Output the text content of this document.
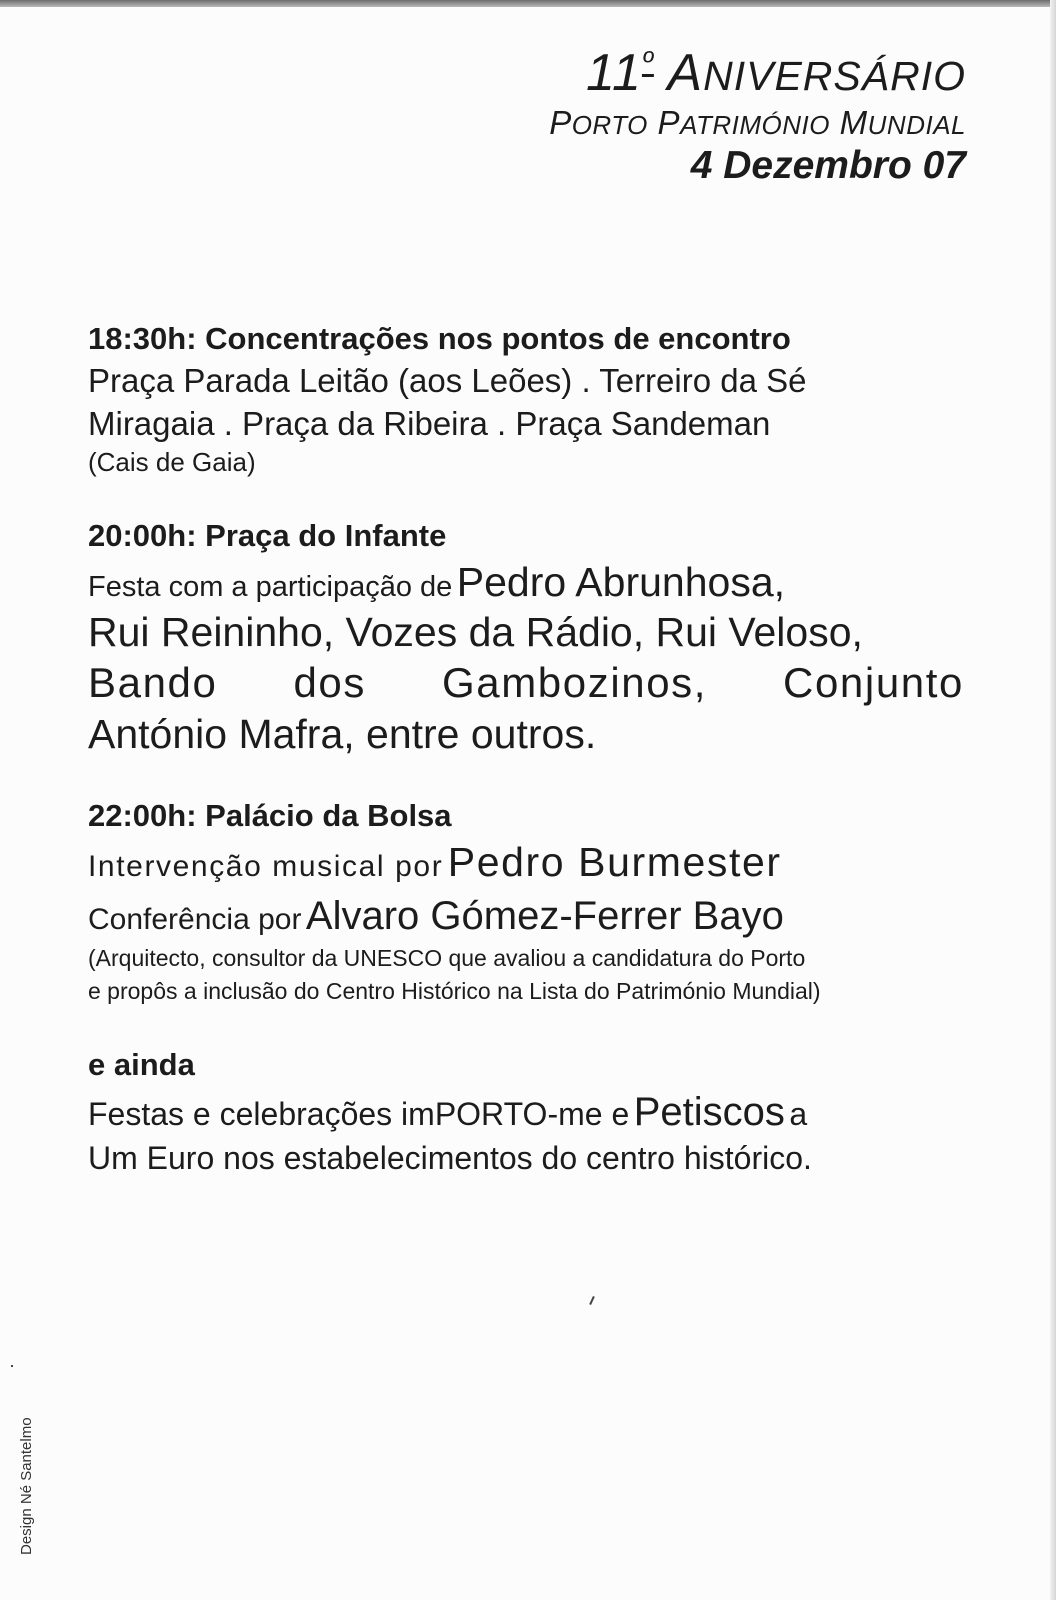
$11^º$ ANIVERSÁRIO
PORTO PATRIMÓNIO MUNDIAL
4 Dezembro 07
18:30h: Concentrações nos pontos de encontro
Praça Parada Leitão (aos Leões) . Terreiro da Sé
Miragaia . Praça da Ribeira . Praça Sandeman
(Cais de Gaia)
20:00h: Praça do Infante
Festa com a participação de Pedro Abrunhosa,
Rui Reininho, Vozes da Rádio, Rui Veloso,
Bando dos Gambozinos, Conjunto
António Mafra, entre outros.
22:00h: Palácio da Bolsa
Intervenção musical por Pedro Burmester
Conferência por Alvaro Gómez-Ferrer Bayo
(Arquitecto, consultor da UNESCO que avaliou a candidatura do Porto
e propôs a inclusão do Centro Histórico na Lista do Património Mundial)
e ainda
Festas e celebrações imPORTO-me e Petiscos a
Um Euro nos estabelecimentos do centro histórico.
Design Né Santelmo
